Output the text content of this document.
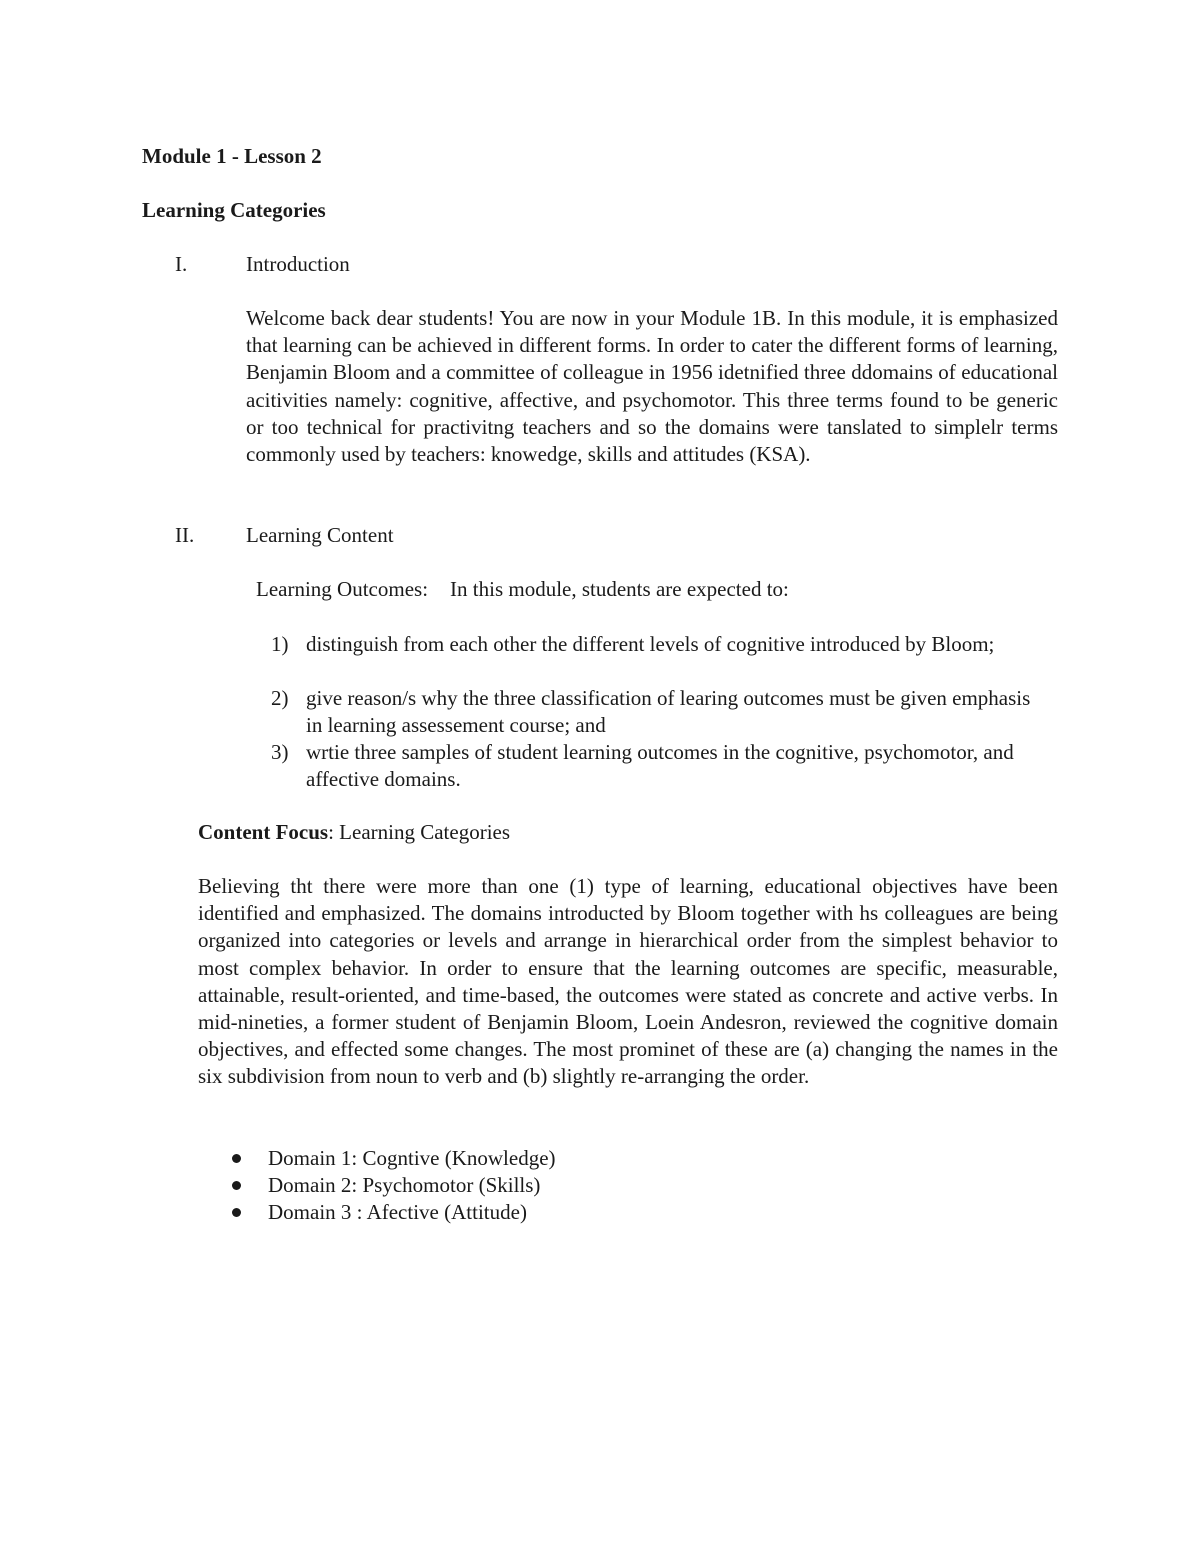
Module 1 - Lesson 2

Learning Categories

I.	Introduction

Welcome back dear students! You are now in your Module 1B. In this module, it is emphasized that learning can be achieved in different forms. In order to cater the different forms of learning, Benjamin Bloom and a committee of colleague in 1956 idetnified three ddomains of educational acitivities namely: cognitive, affective, and psychomotor. This three terms found to be generic or too technical for practivitng teachers and so the domains were tanslated to simplelr terms commonly used by teachers: knowedge, skills and attitudes (KSA).

II. Learning Content

Learning Outcomes: In this module, students are expected to:

1) distinguish from each other the different levels of cognitive introduced by Bloom;
2) give reason/s why the three classification of learing outcomes must be given emphasis in learning assessement course; and
3) wrtie three samples of student learning outcomes in the cognitive, psychomotor, and affective domains.

Content Focus: Learning Categories

Believing tht there were more than one (1) type of learning, educational objectives have been identified and emphasized. The domains introducted by Bloom together with hs colleagues are being organized into categories or levels and arrange in hierarchical order from the simplest behavior to most complex behavior. In order to ensure that the learning outcomes are specific, measurable, attainable, result-oriented, and time-based, the outcomes were stated as concrete and active verbs. In mid-nineties, a former student of Benjamin Bloom, Loein Andesron, reviewed the cognitive domain objectives, and effected some changes. The most prominet of these are (a) changing the names in the six subdivision from noun to verb and (b) slightly re-arranging the order.

Domain 1: Cogntive (Knowledge)
Domain 2: Psychomotor (Skills)
Domain 3 : Afective (Attitude)
